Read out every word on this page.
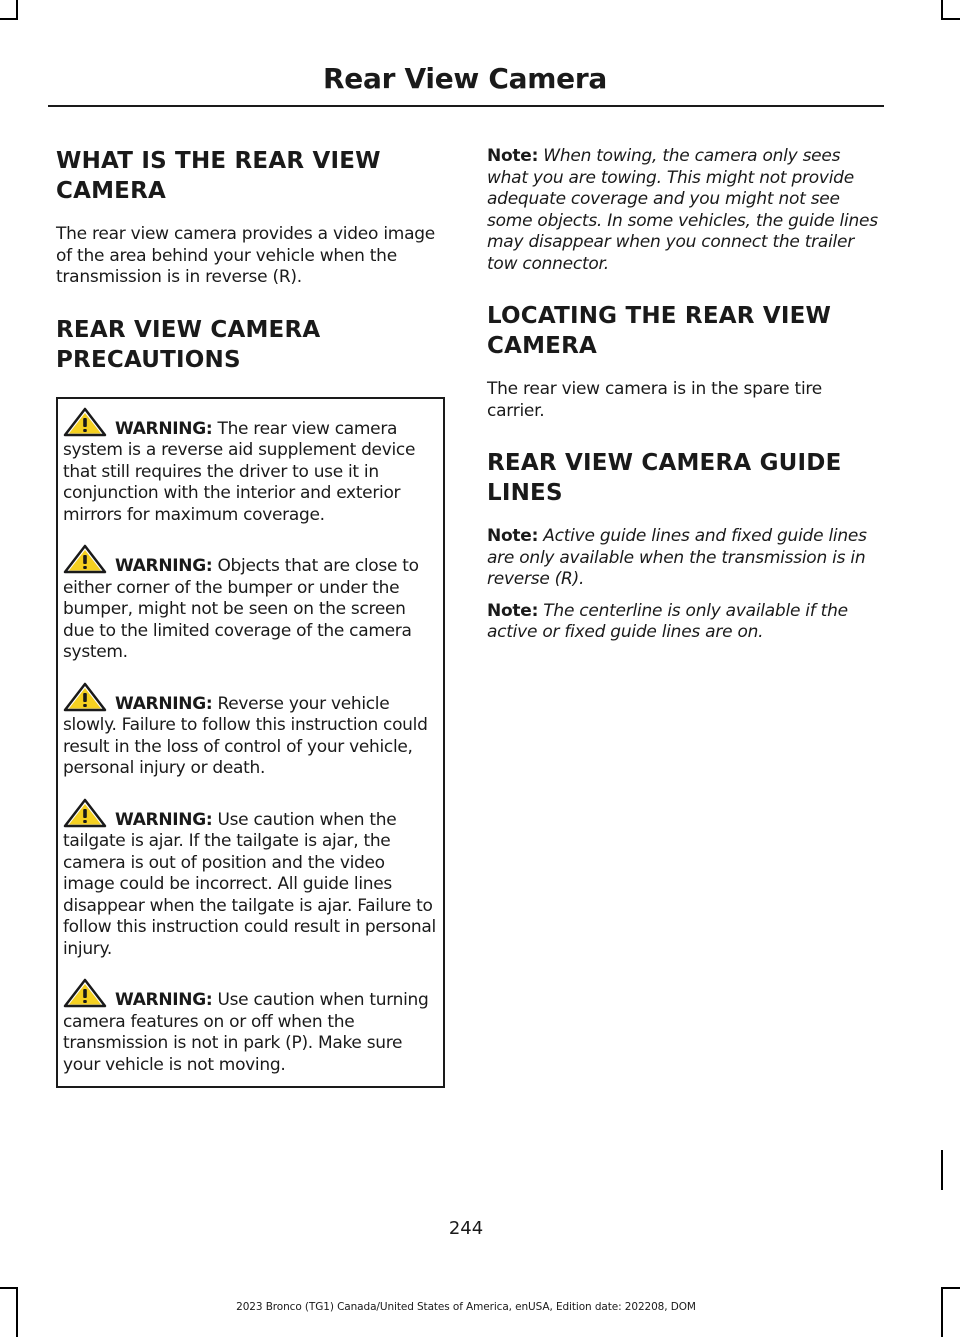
Rear View Camera
WHAT IS THE REAR VIEW
CAMERA

The rear view camera provides a video image of the area behind your vehicle when the transmission is in reverse (R).

REAR VIEW CAMERA
PRECAUTIONS

WARNING: The rear view camera system is a reverse aid supplement device that still requires the driver to use it in conjunction with the interior and exterior mirrors for maximum coverage.

WARNING: Objects that are close to either corner of the bumper or under the bumper, might not be seen on the screen due to the limited coverage of the camera system.

WARNING: Reverse your vehicle slowly. Failure to follow this instruction could result in the loss of control of your vehicle, personal injury or death.

WARNING: Use caution when the tailgate is ajar. If the tailgate is ajar, the camera is out of position and the video image could be incorrect. All guide lines disappear when the tailgate is ajar. Failure to follow this instruction could result in personal injury.

WARNING: Use caution when turning camera features on or off when the transmission is not in park (P). Make sure your vehicle is not moving.

Note: When towing, the camera only sees what you are towing. This might not provide adequate coverage and you might not see some objects. In some vehicles, the guide lines may disappear when you connect the trailer tow connector.

LOCATING THE REAR VIEW
CAMERA

The rear view camera is in the spare tire carrier.

REAR VIEW CAMERA GUIDE
LINES

Note: Active guide lines and fixed guide lines are only available when the transmission is in reverse (R).

Note: The centerline is only available if the active or fixed guide lines are on.

244
2023 Bronco (TG1) Canada/United States of America, enUSA, Edition date: 202208, DOM
